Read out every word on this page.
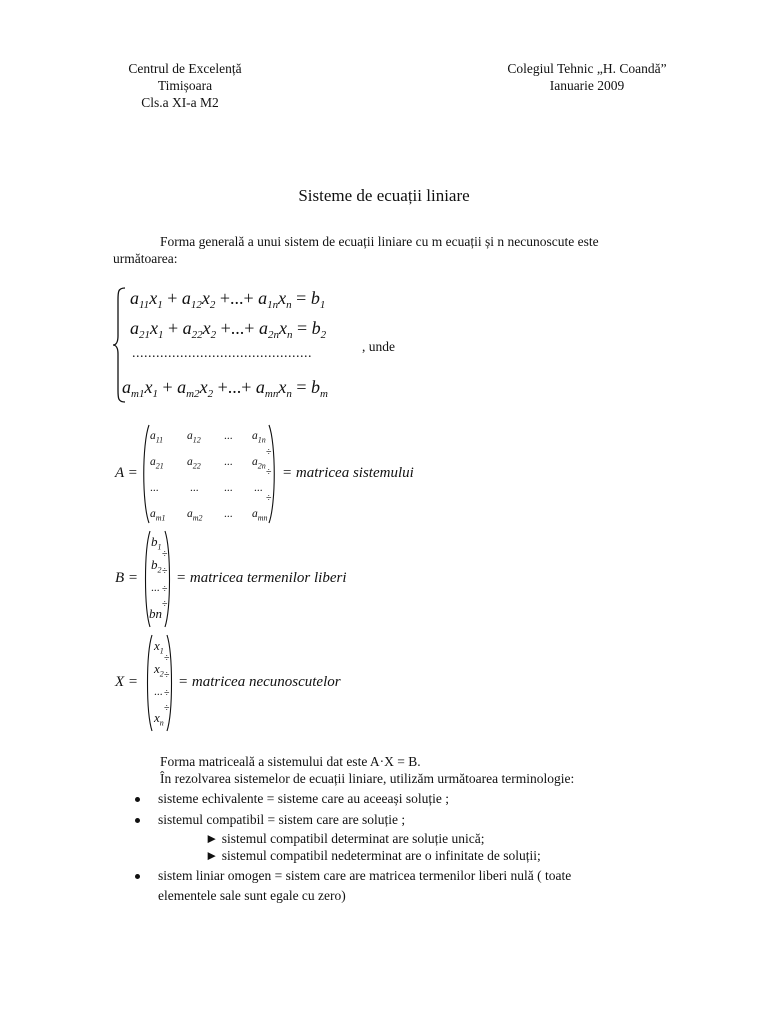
Centrul de Excelență
Timișoara
Cls.a XI-a M2
Colegiul Tehnic „H. Coandă”
Ianuarie 2009
Sisteme de ecuații liniare
Forma generală a unui sistem de ecuații liniare cu m ecuații și n necunoscute este
următoarea:
$a_{11}x_1 + a_{12}x_2$ +...+ $a_{1n}x_n = b_1$
$a_{21}x_1 + a_{22}x_2$ +...+ $a_{2n}x_n = b_2$
.............................................
$a_{m1}x_1 + a_{m2}x_2$ +...+ $a_{mn}x_n = b_m$
, unde
A =
$a_{11}$ $a_{12}$ ... $a_{1n}$
$a_{21}$ $a_{22}$ ... $a_{2n}$
...	... ... ...
$a_{m1}$ $a_{m2}$ ... $a_{mn}$
÷
÷
÷
= matricea sistemului
B =
$b_1$
$b_2$
...
bn
÷
÷
÷
÷
= matricea termenilor liberi
X =
$x_1$
$x_2$
...
$x_n$
÷
÷
÷
÷
= matricea necunoscutelor
Forma matriceală a sistemului dat este A·X = B.
În rezolvarea sistemelor de ecuații liniare, utilizăm următoarea terminologie:
sisteme echivalente = sisteme care au aceeași soluție ;
sistemul compatibil = sistem care are soluție ;
► sistemul compatibil determinat are soluție unică;
► sistemul compatibil nedeterminat are o infinitate de soluții;
sistem liniar omogen = sistem care are matricea termenilor liberi nulă ( toate
elementele sale sunt egale cu zero)
